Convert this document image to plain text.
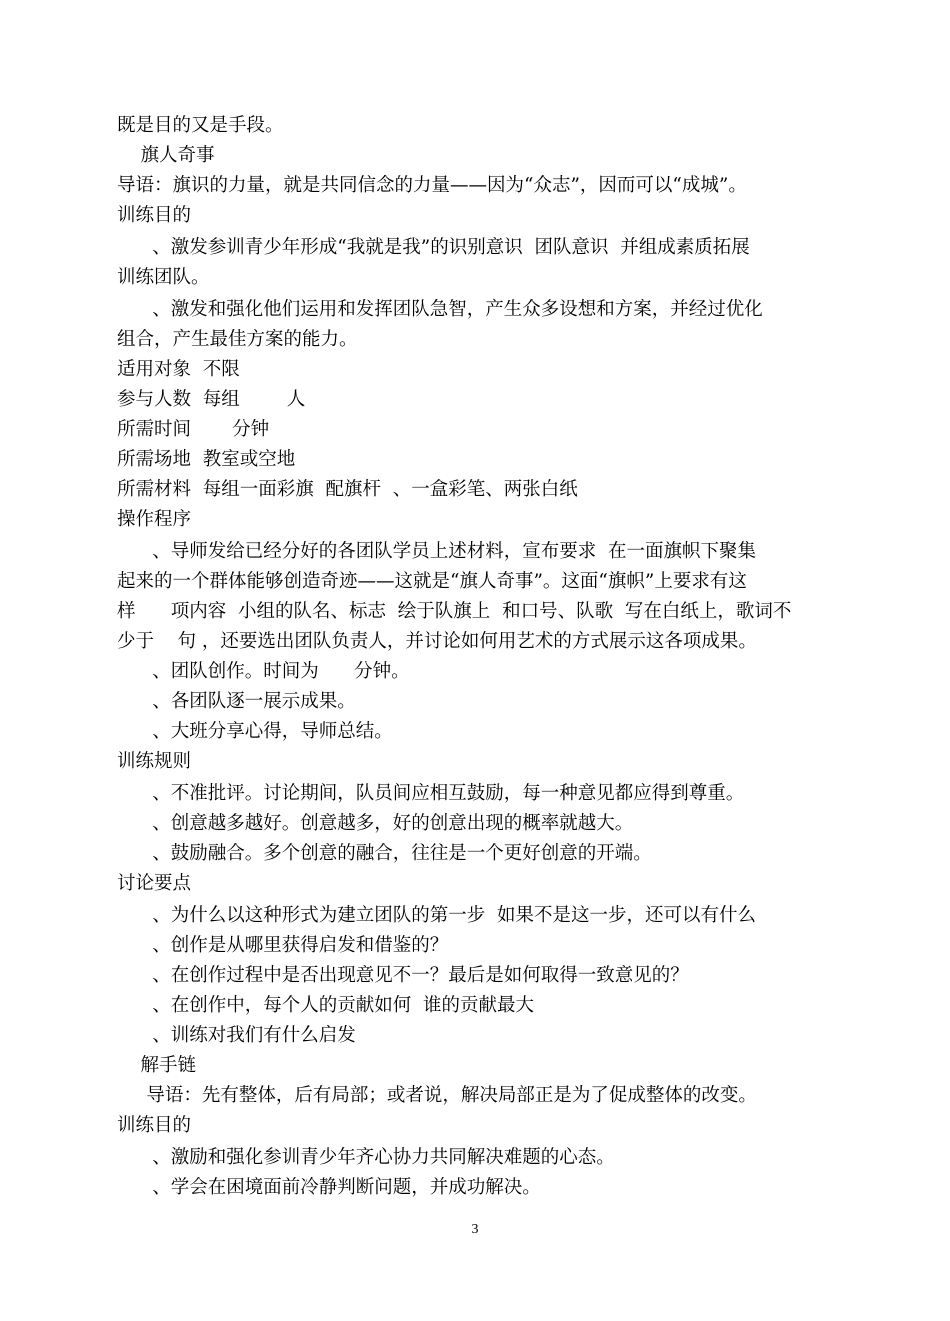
既是目的又是手段。
旗人奇事
导语：旗识的力量，就是共同信念的力量——因为“众志”，因而可以“成城”。
训练目的
、激发参训青少年形成“我就是我”的识别意识  团队意识  并组成素质拓展
训练团队。
、激发和强化他们运用和发挥团队急智，产生众多设想和方案，并经过优化
组合，产生最佳方案的能力。
适用对象  不限
参与人数  每组        人
所需时间       分钟
所需场地  教室或空地
所需材料  每组一面彩旗  配旗杆  、一盒彩笔、两张白纸
操作程序
、导师发给已经分好的各团队学员上述材料，宣布要求  在一面旗帜下聚集
起来的一个群体能够创造奇迹——这就是“旗人奇事”。这面“旗帜”上要求有这
样      项内容  小组的队名、标志  绘于队旗上  和口号、队歌  写在白纸上，歌词不
少于    句 ，还要选出团队负责人，并讨论如何用艺术的方式展示这各项成果。
、团队创作。时间为      分钟。
、各团队逐一展示成果。
、大班分享心得，导师总结。
训练规则
、不准批评。讨论期间，队员间应相互鼓励，每一种意见都应得到尊重。
、创意越多越好。创意越多，好的创意出现的概率就越大。
、鼓励融合。多个创意的融合，往往是一个更好创意的开端。
讨论要点
、为什么以这种形式为建立团队的第一步  如果不是这一步，还可以有什么
、创作是从哪里获得启发和借鉴的？
、在创作过程中是否出现意见不一？最后是如何取得一致意见的？
、在创作中，每个人的贡献如何  谁的贡献最大
、训练对我们有什么启发
解手链
导语：先有整体，后有局部；或者说，解决局部正是为了促成整体的改变。
训练目的
、激励和强化参训青少年齐心协力共同解决难题的心态。
、学会在困境面前冷静判断问题，并成功解决。
3
